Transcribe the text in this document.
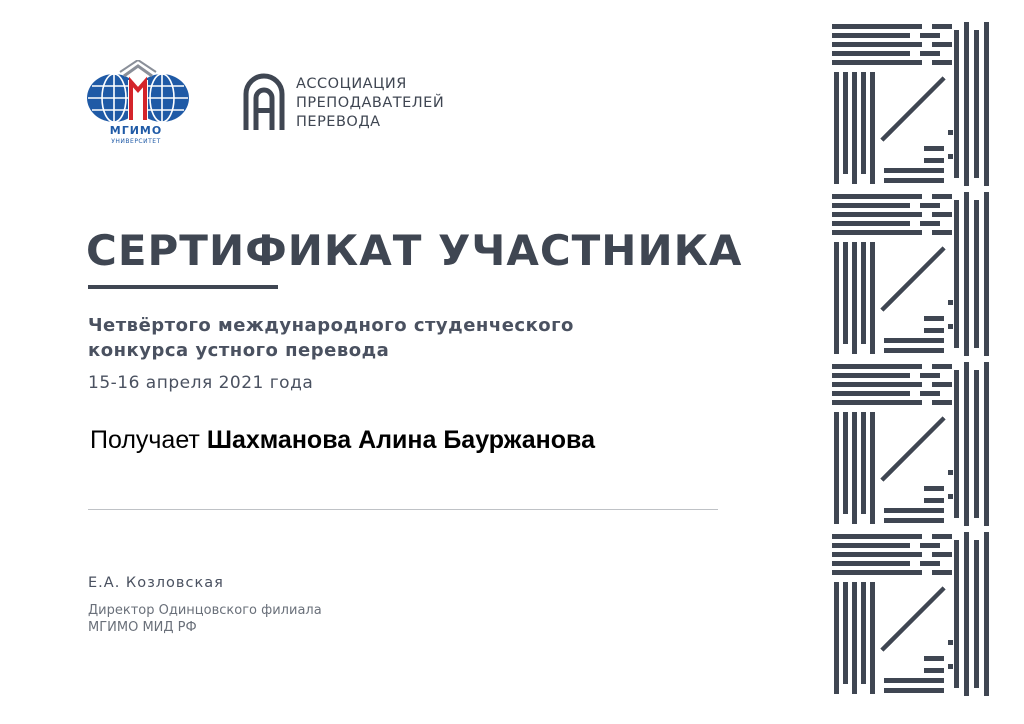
МГИМО
УНИВЕРСИТЕТ
АССОЦИАЦИЯ
ПРЕПОДАВАТЕЛЕЙ
ПЕРЕВОДА
СЕРТИФИКАТ УЧАСТНИКА
Четвёртого международного студенческого
конкурса устного перевода
15-16 апреля 2021 года
Получает Шахманова Алина Бауржанова
Е.А. Козловская
Директор Одинцовского филиала
МГИМО МИД РФ
